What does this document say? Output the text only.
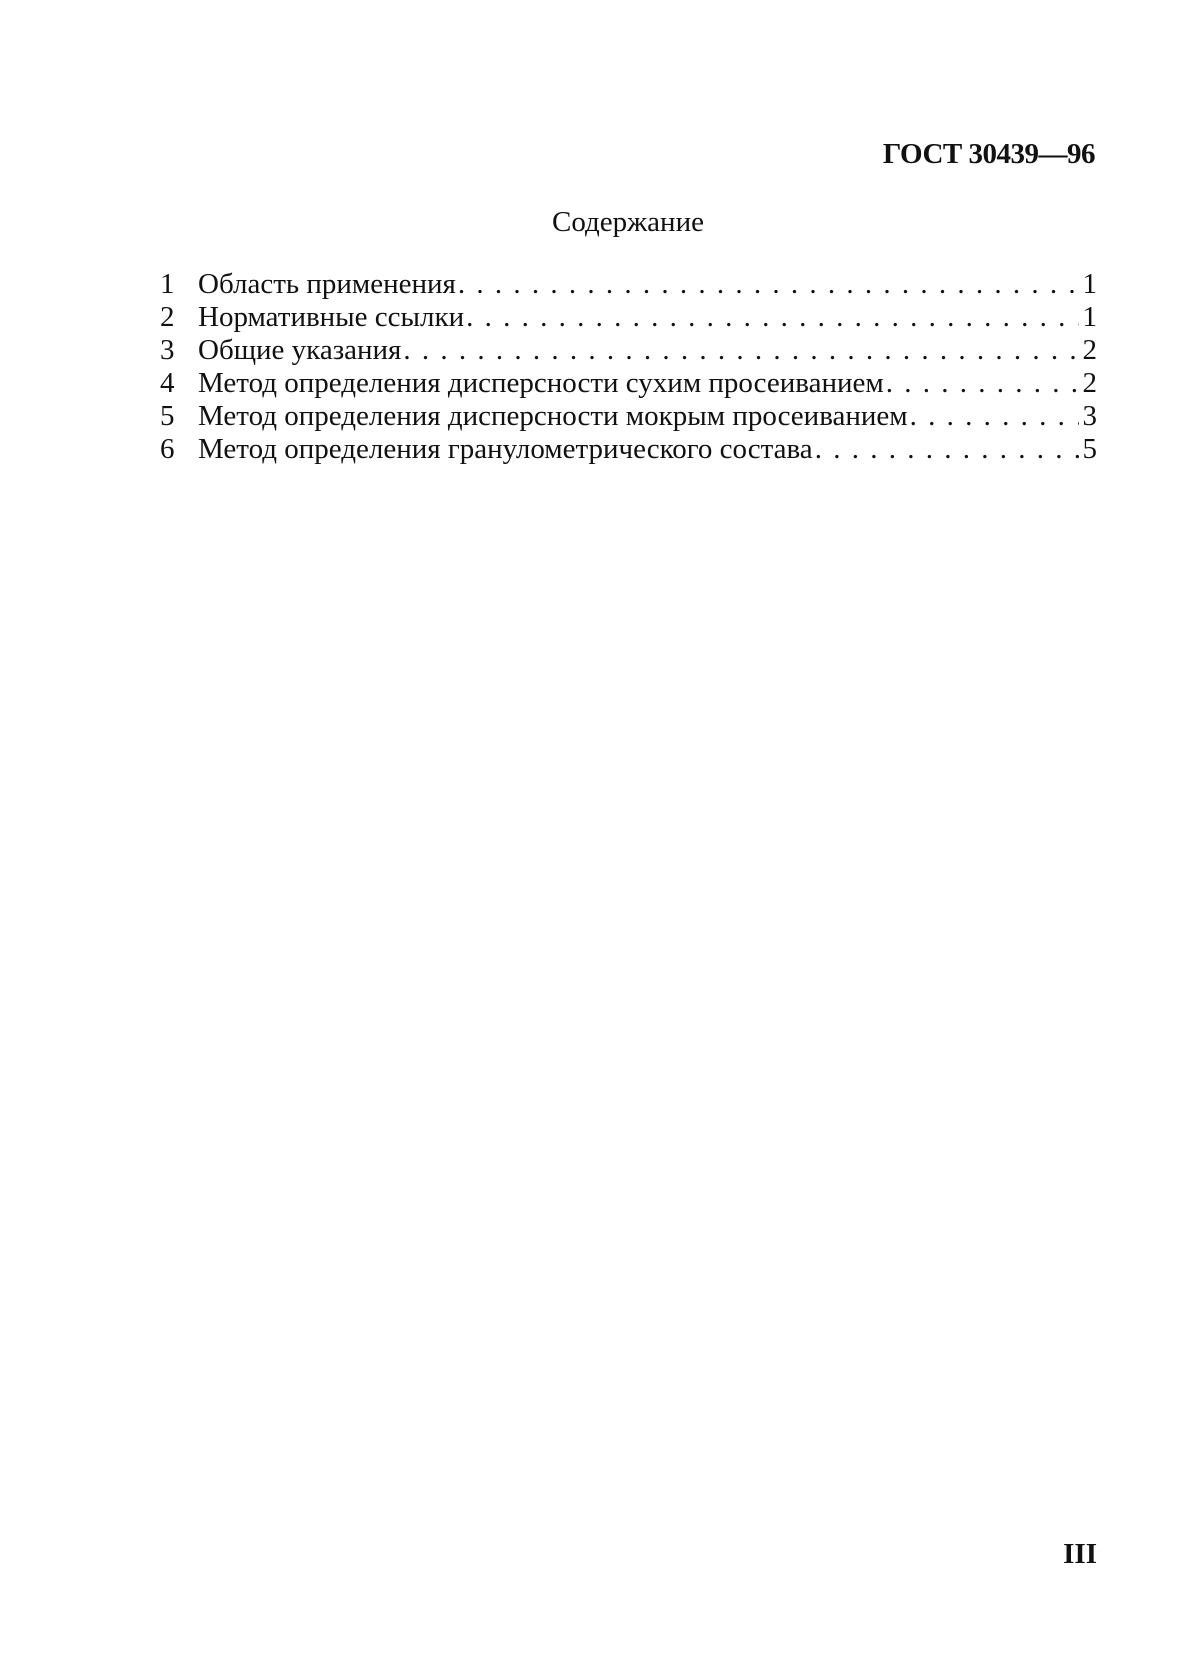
ГОСТ 30439—96
Содержание
1 Область применения . . .	1
2 Нормативные ссылки . . .	1
3 Общие указания . . .	2
4 Метод определения дисперсности сухим просеиванием . . .	2
5 Метод определения дисперсности мокрым просеиванием . . .	3
6 Метод определения гранулометрического состава . . .	5
III
